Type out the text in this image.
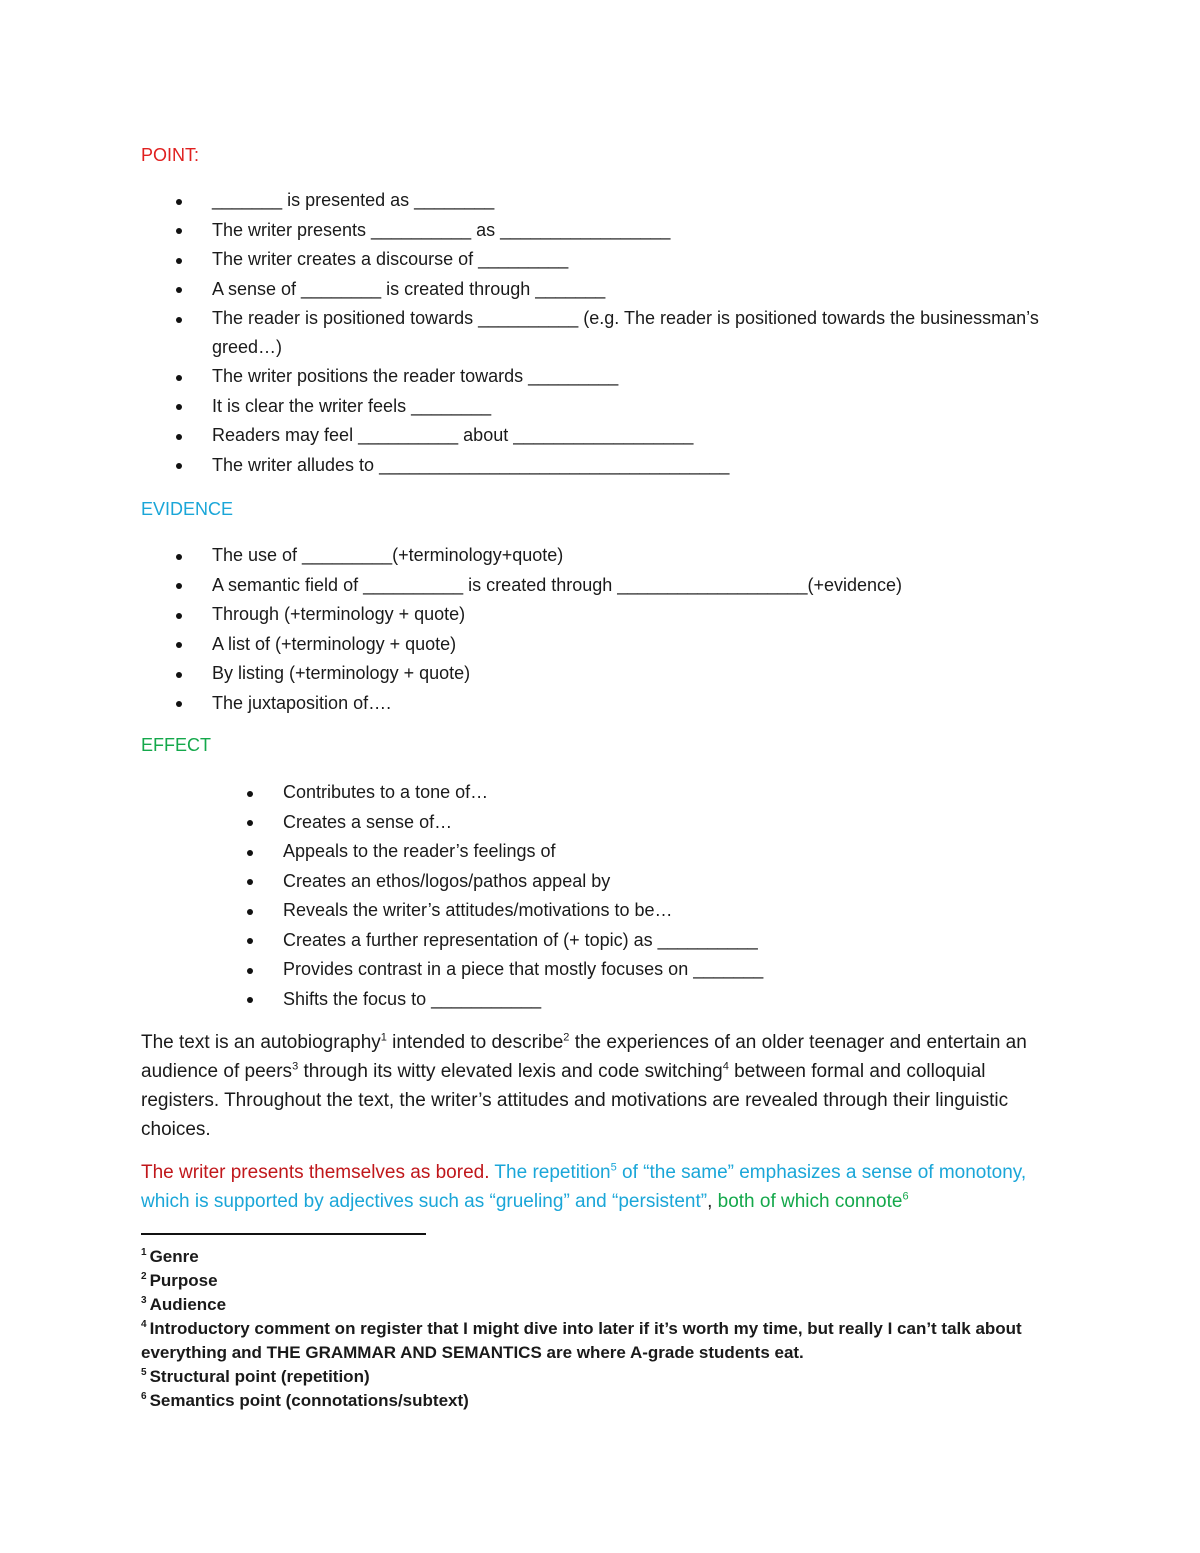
POINT:
_______ is presented as ________
The writer presents __________ as _________________
The writer creates a discourse of _________
A sense of ________ is created through _______
The reader is positioned towards __________ (e.g. The reader is positioned towards the businessman’s greed…)
The writer positions the reader towards _________
It is clear the writer feels ________
Readers may feel __________ about __________________
The writer alludes to ___________________________________
EVIDENCE
The use of _________(+terminology+quote)
A semantic field of __________ is created through ___________________(+evidence)
Through (+terminology + quote)
A list of (+terminology + quote)
By listing (+terminology + quote)
The juxtaposition of….
EFFECT
Contributes to a tone of…
Creates a sense of…
Appeals to the reader’s feelings of
Creates an ethos/logos/pathos appeal by
Reveals the writer’s attitudes/motivations to be…
Creates a further representation of (+ topic) as __________
Provides contrast in a piece that mostly focuses on _______
Shifts the focus to ___________

The text is an autobiography$^1$ intended to describe$^2$ the experiences of an older teenager and entertain an audience of peers$^3$ through its witty elevated lexis and code switching$^4$ between formal and colloquial registers. Throughout the text, the writer’s attitudes and motivations are revealed through their linguistic choices.

The writer presents themselves as bored. The repetition$^5$ of “the same” emphasizes a sense of monotony, which is supported by adjectives such as “grueling” and “persistent”, both of which connote$^6$

$^1$ Genre
$^2$ Purpose
$^3$ Audience
$^4$ Introductory comment on register that I might dive into later if it’s worth my time, but really I can’t talk about everything and THE GRAMMAR AND SEMANTICS are where A-grade students eat.
$^5$ Structural point (repetition)
$^6$ Semantics point (connotations/subtext)
